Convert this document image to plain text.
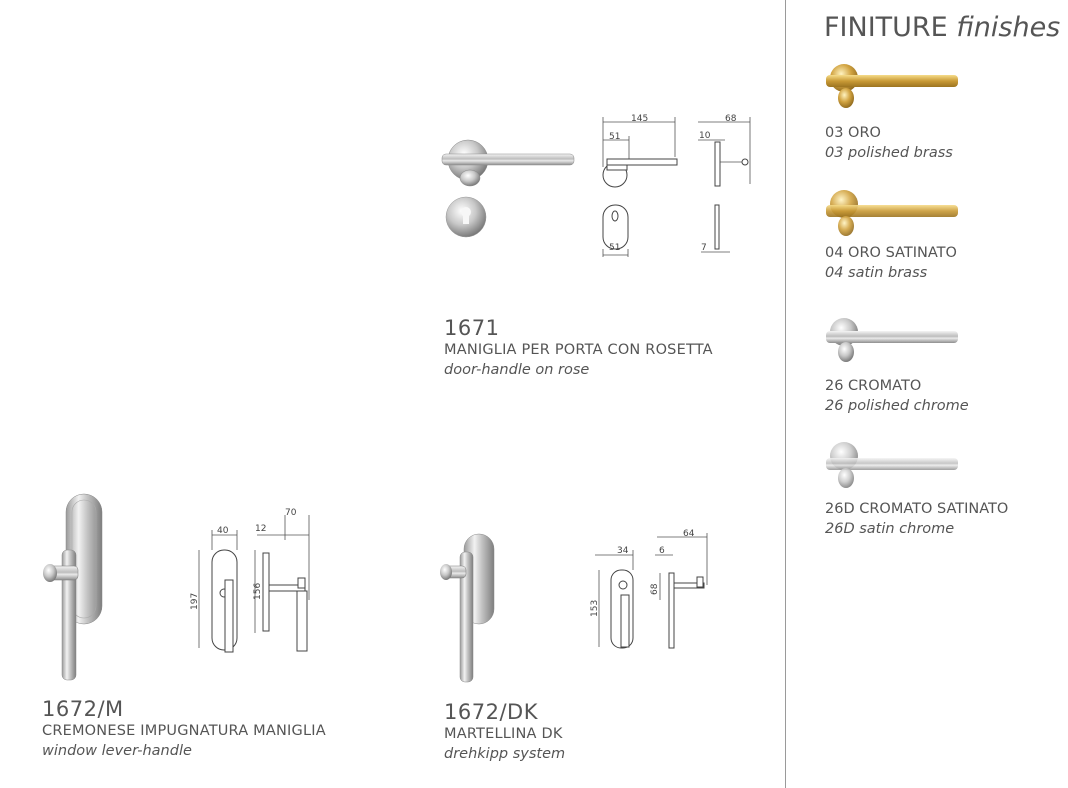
145
51
68
10
51	7
1671
MANIGLIA PER PORTA CON ROSETTA
door-handle on rose
40
197
70
12
156
1672/M
CREMONESE IMPUGNATURA MANIGLIA
window lever-handle
34
153
64
6
68
1672/DK
MARTELLINA DK
drehkipp system
FINITURE finishes
03 ORO
03 polished brass
04 ORO SATINATO
04 satin brass
26 CROMATO
26 polished chrome
26D CROMATO SATINATO
26D satin chrome
